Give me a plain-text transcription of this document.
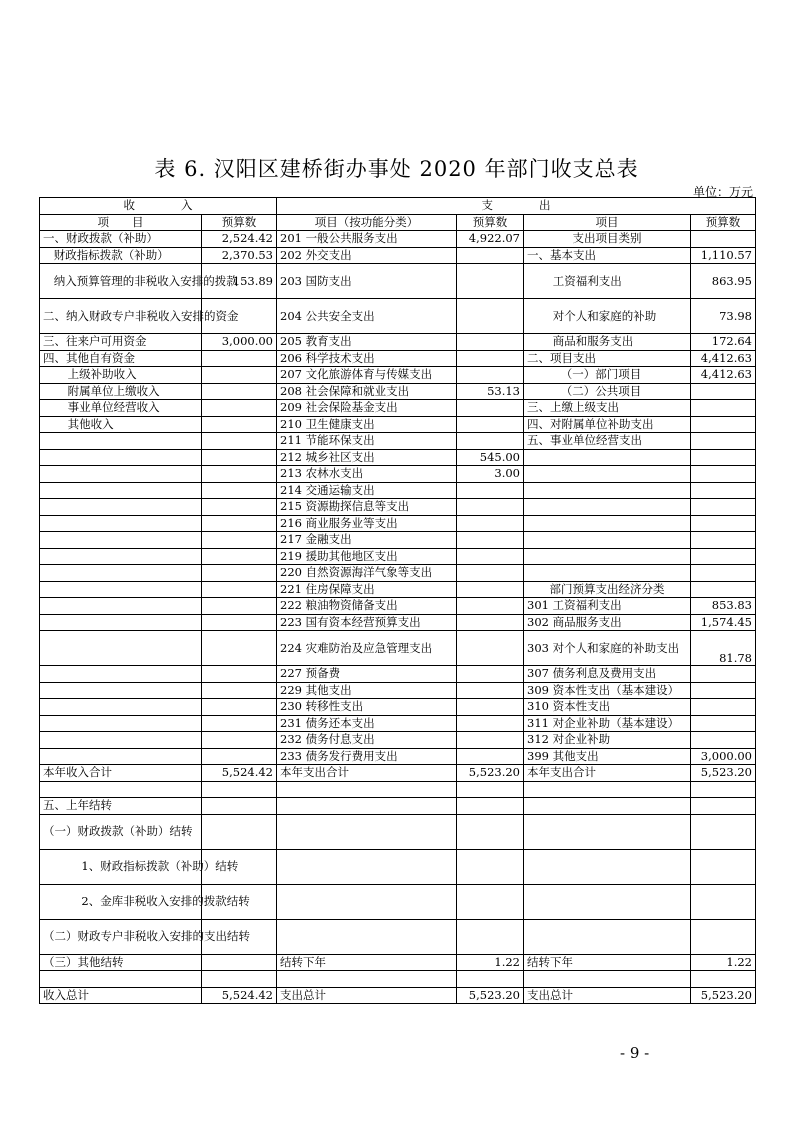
表 6. 汉阳区建桥街办事处 2020 年部门收支总表
单位：万元
收　　　　入		支　　　　出			
项　　目	预算数	项目（按功能分类）	预算数	项目	预算数
一、财政拨款（补助）	2,524.42	201 一般公共服务支出	4,922.07	支出项目类别	
财政指标拨款（补助）	2,370.53	202 外交支出		一、基本支出	1,110.57
纳入预算管理的非税收入安排的拨款	153.89	203 国防支出		工资福利支出	863.95
二、纳入财政专户非税收入安排的资金		204 公共安全支出		对个人和家庭的补助	73.98
三、往来户可用资金	3,000.00	205 教育支出		商品和服务支出	172.64
四、其他自有资金		206 科学技术支出		二、项目支出	4,412.63
上级补助收入		207 文化旅游体育与传媒支出		（一）部门项目	4,412.63
附属单位上缴收入		208 社会保障和就业支出	53.13	（二）公共项目	
事业单位经营收入		209 社会保险基金支出		三、上缴上级支出	
其他收入		210 卫生健康支出		四、对附属单位补助支出	
		211 节能环保支出		五、事业单位经营支出	
		212 城乡社区支出	545.00		
		213 农林水支出	3.00		
		214 交通运输支出			
		215 资源勘探信息等支出			
		216 商业服务业等支出			
		217 金融支出			
		219 援助其他地区支出			
		220 自然资源海洋气象等支出			
		221 住房保障支出		部门预算支出经济分类	
		222 粮油物资储备支出		301 工资福利支出	853.83
		223 国有资本经营预算支出		302 商品服务支出	1,574.45
		224 灾难防治及应急管理支出		303 对个人和家庭的补助支出	81.78
		227 预备费		307 债务利息及费用支出	
		229 其他支出		309 资本性支出（基本建设）	
		230 转移性支出		310 资本性支出	
		231 债务还本支出		311 对企业补助（基本建设）	
		232 债务付息支出		312 对企业补助	
		233 债务发行费用支出		399 其他支出	3,000.00
本年收入合计	5,524.42	本年支出合计	5,523.20	本年支出合计	5,523.20

五、上年结转					
（一）财政拨款（补助）结转					
1、财政指标拨款（补助）结转					
2、金库非税收入安排的拨款结转					
（二）财政专户非税收入安排的支出结转					
（三）其他结转		结转下年	1.22	结转下年	1.22

收入总计	5,524.42	支出总计	5,523.20	支出总计	5,523.20
- 9 -
